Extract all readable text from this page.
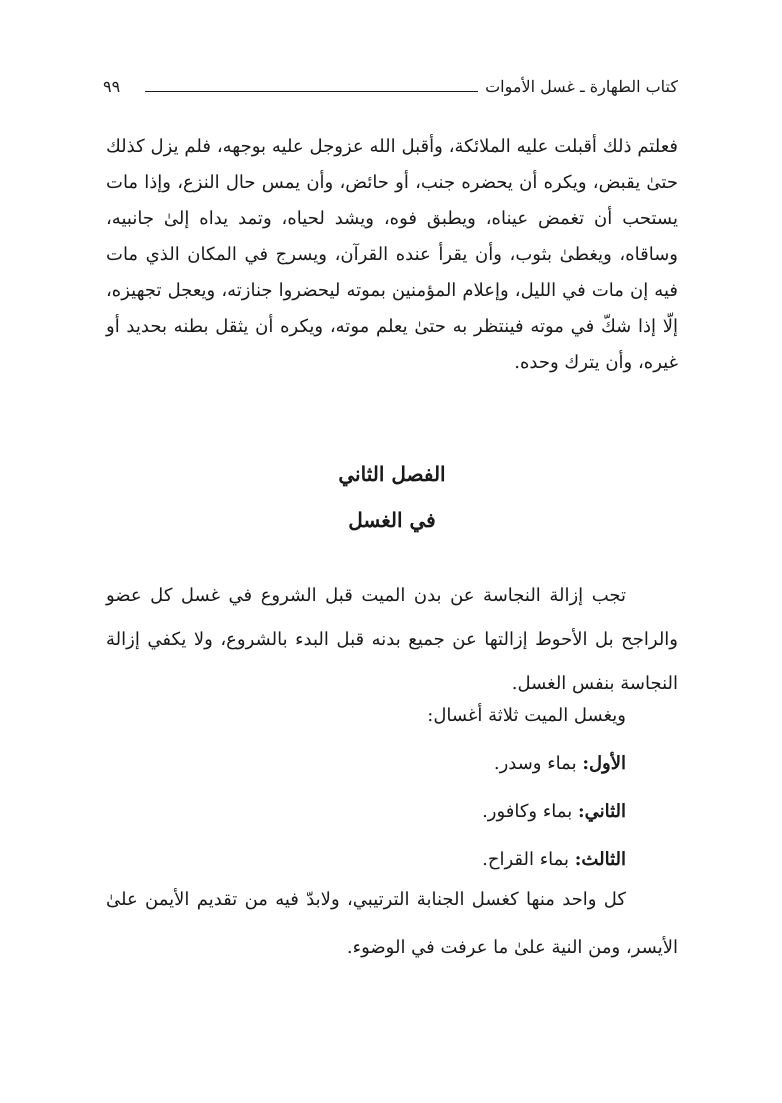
كتاب الطهارة ـ غسل الأموات
٩٩

فعلتم ذلك أقبلت عليه الملائكة، وأقبل الله عزوجل عليه بوجهه، فلم يزل كذلك حتىٰ يقبض، ويكره أن يحضره جنب، أو حائض، وأن يمس حال النزع، وإذا مات يستحب أن تغمض عيناه، ويطبق فوه، ويشد لحياه، وتمد يداه إلىٰ جانبيه، وساقاه، ويغطىٰ بثوب، وأن يقرأ عنده القرآن، ويسرج في المكان الذي مات فيه إن مات في الليل، وإعلام المؤمنين بموته ليحضروا جنازته، ويعجل تجهيزه، إلّا إذا شكّ في موته فينتظر به حتىٰ يعلم موته، ويكره أن يثقل بطنه بحديد أو غيره، وأن يترك وحده.

الفصل الثاني
في الغسل

تجب إزالة النجاسة عن بدن الميت قبل الشروع في غسل كل عضو والراجح بل الأحوط إزالتها عن جميع بدنه قبل البدء بالشروع، ولا يكفي إزالة النجاسة بنفس الغسل.

ويغسل الميت ثلاثة أغسال:
الأول: بماء وسدر.
الثاني: بماء وكافور.
الثالث: بماء القراح.

كل واحد منها كغسل الجنابة الترتيبي، ولابدّ فيه من تقديم الأيمن علىٰ الأيسر، ومن النية علىٰ ما عرفت في الوضوء.
